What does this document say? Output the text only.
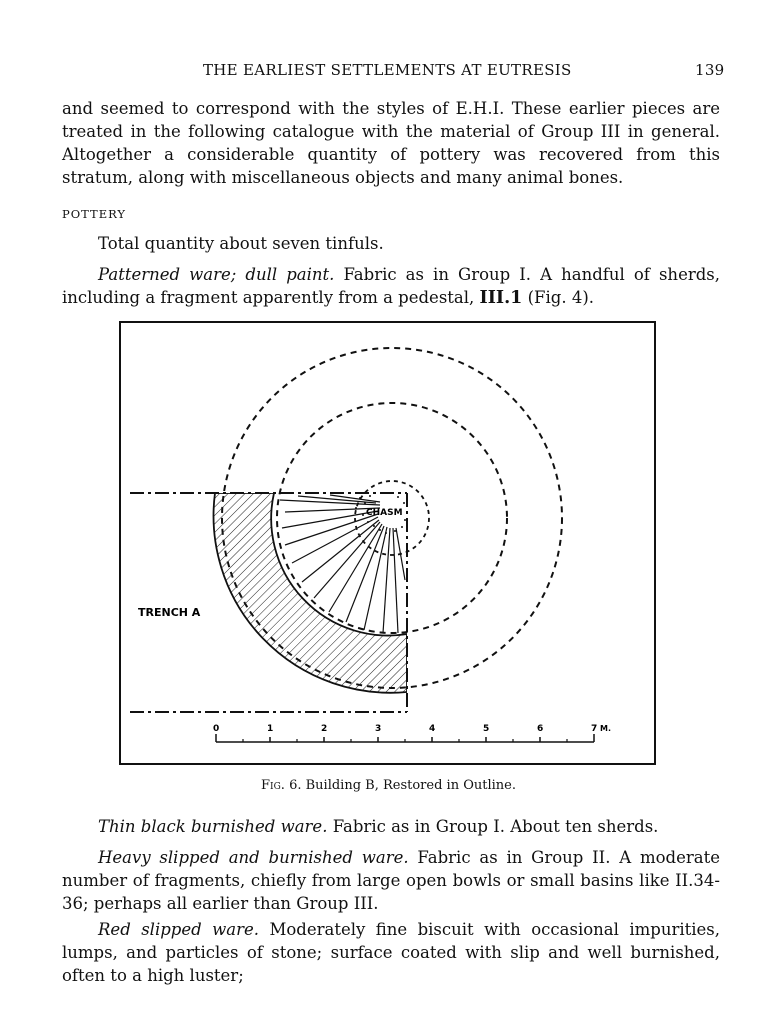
THE EARLIEST SETTLEMENTS AT EUTRESIS	139
and seemed to correspond with the styles of E.H.I. These earlier pieces are treated in the following catalogue with the material of Group III in general. Altogether a considerable quantity of pottery was recovered from this stratum, along with miscellaneous objects and many animal bones.
POTTERY
Total quantity about seven tinfuls.
Patterned ware; dull paint. Fabric as in Group I. A handful of sherds, including a fragment apparently from a pedestal, III.1 (Fig. 4).
CHASM
TRENCH A
0	1	2	3	4	5	6	7 M.
Fig. 6. Building B, Restored in Outline.
Thin black burnished ware. Fabric as in Group I. About ten sherds.
Heavy slipped and burnished ware. Fabric as in Group II. A moderate number of fragments, chiefly from large open bowls or small basins like II.34-36; perhaps all earlier than Group III.
Red slipped ware. Moderately fine biscuit with occasional impurities, lumps, and particles of stone; surface coated with slip and well burnished, often to a high luster;
